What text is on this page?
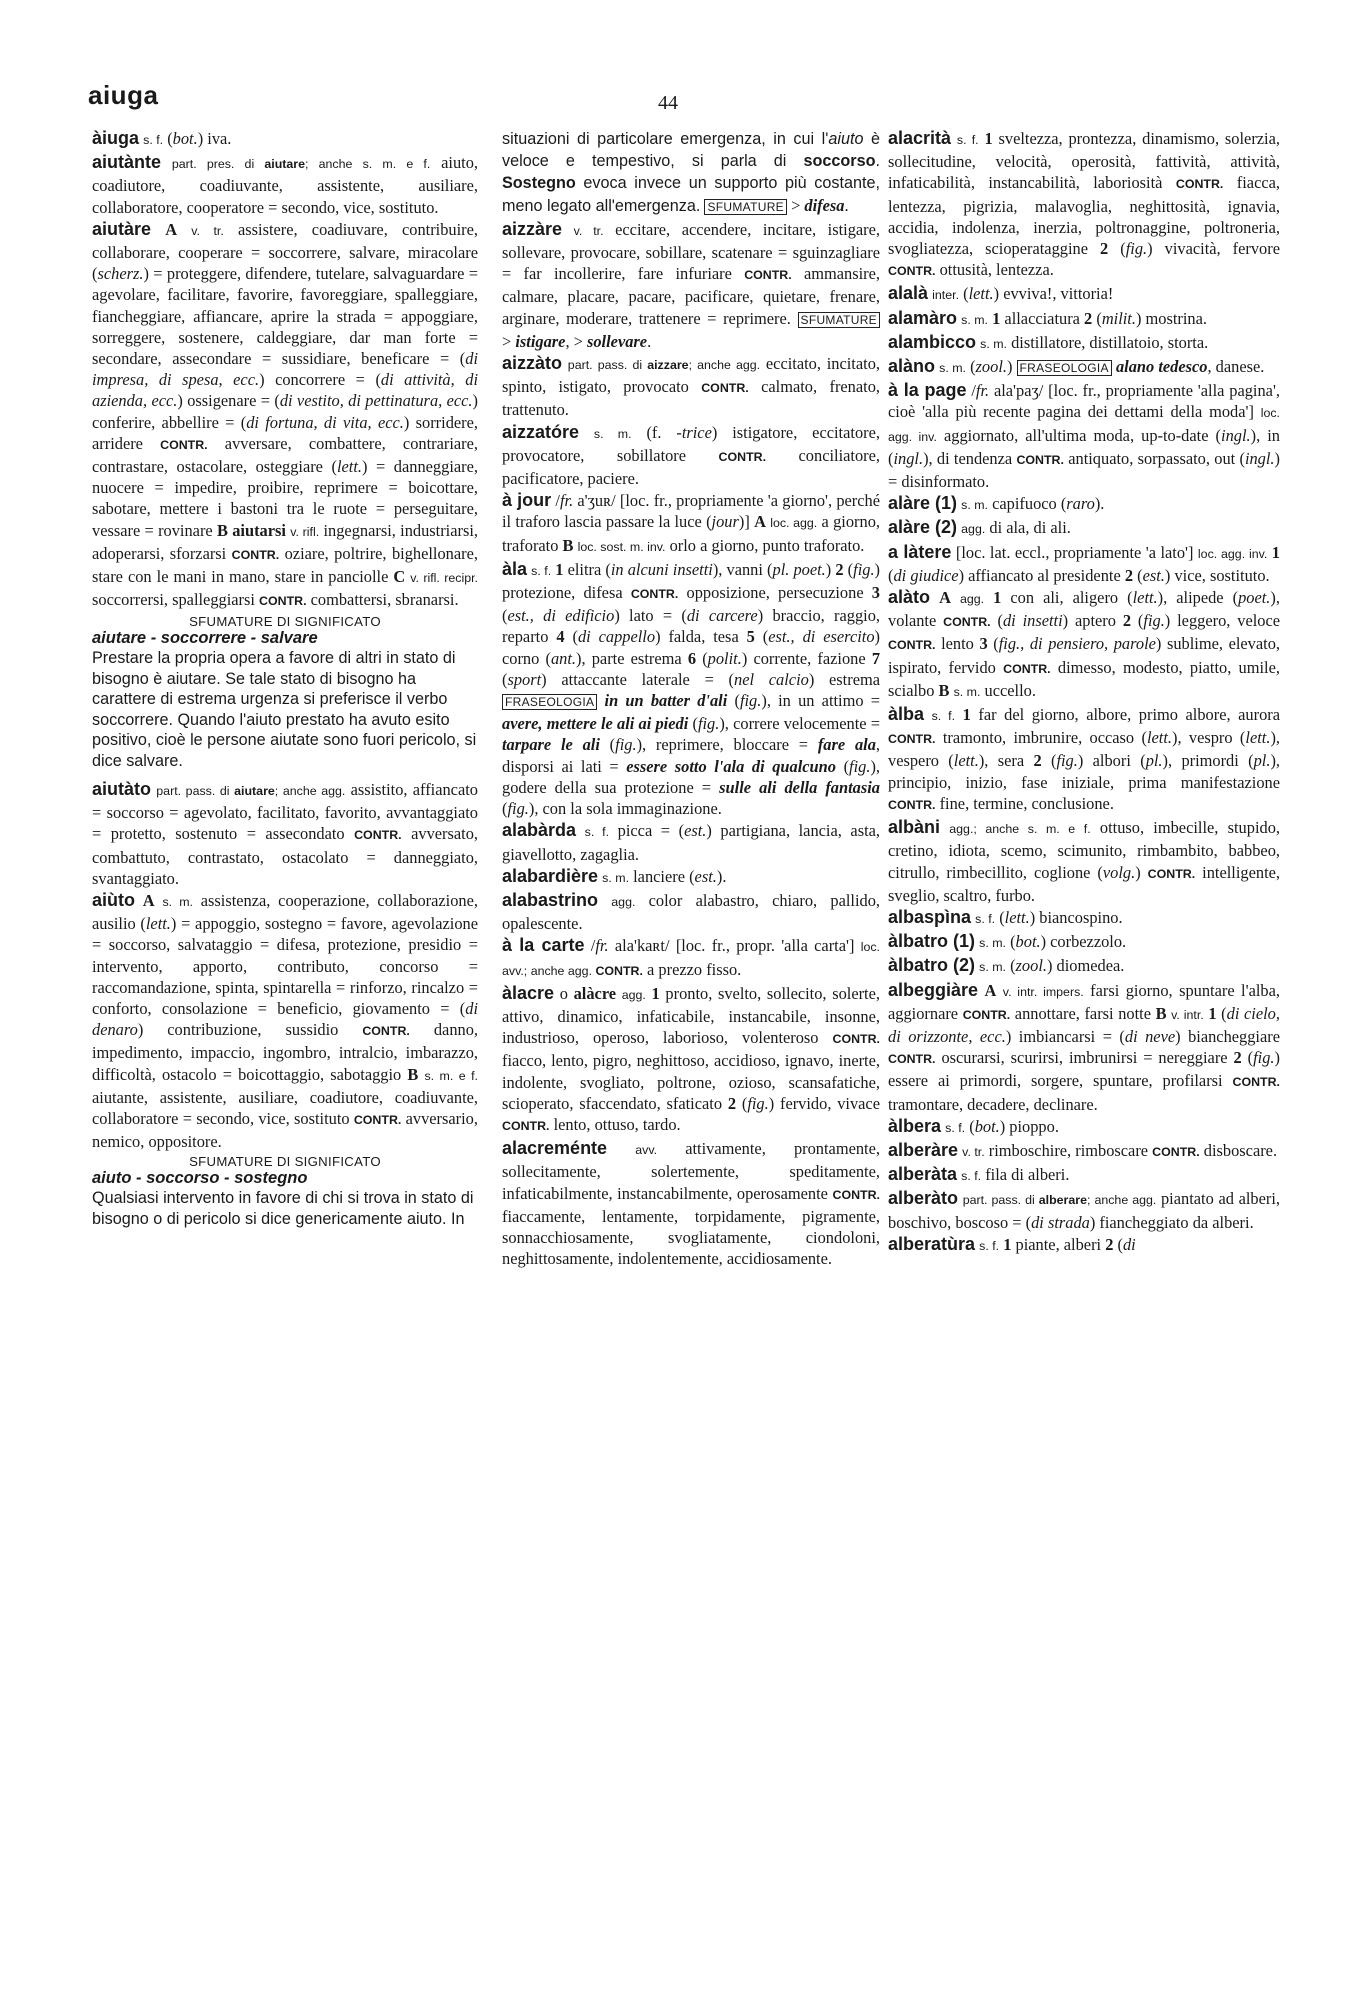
aiuga	44

àiuga s. f. (bot.) iva.

aiutànte part. pres. di aiutare; anche s. m. e f. aiuto, coadiutore, coadiuvante, assistente, ausiliare, collaboratore, cooperatore = secondo, vice, sostituto.

aiutàre A v. tr. assistere, coadiuvare, contribuire, collaborare, cooperare = soccorrere, salvare, miracolare (scherz.) = proteggere, difendere, tutelare, salvaguardare = agevolare, facilitare, favorire, favoreggiare, spalleggiare, fiancheggiare, affiancare, aprire la strada = appoggiare, sorreggere, sostenere, caldeggiare, dar man forte = secondare, assecondare = sussidiare, beneficare = (di impresa, di spesa, ecc.) concorrere = (di attività, di azienda, ecc.) ossigenare = (di vestito, di pettinatura, ecc.) conferire, abbellire = (di fortuna, di vita, ecc.) sorridere, arridere CONTR. avversare, combattere, contrariare, contrastare, ostacolare, osteggiare (lett.) = danneggiare, nuocere = impedire, proibire, reprimere = boicottare, sabotare, mettere i bastoni tra le ruote = perseguitare, vessare = rovinare B aiutarsi v. rifl. ingegnarsi, industriarsi, adoperarsi, sforzarsi CONTR. oziare, poltrire, bighellonare, stare con le mani in mano, stare in panciolle C v. rifl. recipr. soccorrersi, spalleggiarsi CONTR. combattersi, sbranarsi.

SFUMATURE DI SIGNIFICATO
aiutare - soccorrere - salvare

Prestare la propria opera a favore di altri in stato di bisogno è aiutare. Se tale stato di bisogno ha carattere di estrema urgenza si preferisce il verbo soccorrere. Quando l'aiuto prestato ha avuto esito positivo, cioè le persone aiutate sono fuori pericolo, si dice salvare.

aiutàto part. pass. di aiutare; anche agg. assistito, affiancato = soccorso = agevolato, facilitato, favorito, avvantaggiato = protetto, sostenuto = assecondato CONTR. avversato, combattuto, contrastato, ostacolato = danneggiato, svantaggiato.

aiùto A s. m. assistenza, cooperazione, collaborazione, ausilio (lett.) = appoggio, sostegno = favore, agevolazione = soccorso, salvataggio = difesa, protezione, presidio = intervento, apporto, contributo, concorso = raccomandazione, spinta, spintarella = rinforzo, rincalzo = conforto, consolazione = beneficio, giovamento = (di denaro) contribuzione, sussidio CONTR. danno, impedimento, impaccio, ingombro, intralcio, imbarazzo, difficoltà, ostacolo = boicottaggio, sabotaggio B s. m. e f. aiutante, assistente, ausiliare, coadiutore, coadiuvante, collaboratore = secondo, vice, sostituto CONTR. avversario, nemico, oppositore.

SFUMATURE DI SIGNIFICATO
aiuto - soccorso - sostegno

Qualsiasi intervento in favore di chi si trova in stato di bisogno o di pericolo si dice genericamente aiuto. In

situazioni di particolare emergenza, in cui l'aiuto è veloce e tempestivo, si parla di soccorso. Sostegno evoca invece un supporto più costante, meno legato all'emergenza. SFUMATURE > difesa.

aizzàre v. tr. eccitare, accendere, incitare, istigare, sollevare, provocare, sobillare, scatenare = sguinzagliare = far incollerire, fare infuriare CONTR. ammansire, calmare, placare, pacare, pacificare, quietare, frenare, arginare, moderare, trattenere = reprimere. SFUMATURE > istigare, > sollevare.

aizzàto part. pass. di aizzare; anche agg. eccitato, incitato, spinto, istigato, provocato CONTR. calmato, frenato, trattenuto.

aizzatóre s. m. (f. -trice) istigatore, eccitatore, provocatore, sobillatore CONTR. conciliatore, pacificatore, paciere.

à jour /fr. a'ʒuʀ/ [loc. fr., propriamente 'a giorno', perché il traforo lascia passare la luce (jour)] A loc. agg. a giorno, traforato B loc. sost. m. inv. orlo a giorno, punto traforato.

àla s. f. 1 elitra (in alcuni insetti), vanni (pl. poet.) 2 (fig.) protezione, difesa CONTR. opposizione, persecuzione 3 (est., di edificio) lato = (di carcere) braccio, raggio, reparto 4 (di cappello) falda, tesa 5 (est., di esercito) corno (ant.), parte estrema 6 (polit.) corrente, fazione 7 (sport) attaccante laterale = (nel calcio) estrema FRASEOLOGIA in un batter d'ali (fig.), in un attimo = avere, mettere le ali ai piedi (fig.), correre velocemente = tarpare le ali (fig.), reprimere, bloccare = fare ala, disporsi ai lati = essere sotto l'ala di qualcuno (fig.), godere della sua protezione = sulle ali della fantasia (fig.), con la sola immaginazione.

alabàrda s. f. picca = (est.) partigiana, lancia, asta, giavellotto, zagaglia.

alabardière s. m. lanciere (est.).

alabastrino agg. color alabastro, chiaro, pallido, opalescente.

à la carte /fr. ala'kaʀt/ [loc. fr., propr. 'alla carta'] loc. avv.; anche agg. CONTR. a prezzo fisso.

àlacre o alàcre agg. 1 pronto, svelto, sollecito, solerte, attivo, dinamico, infaticabile, instancabile, insonne, industrioso, operoso, laborioso, volenteroso CONTR. fiacco, lento, pigro, neghittoso, accidioso, ignavo, inerte, indolente, svogliato, poltrone, ozioso, scansafatiche, scioperato, sfaccendato, sfaticato 2 (fig.) fervido, vivace CONTR. lento, ottuso, tardo.

alacreménte avv. attivamente, prontamente, sollecitamente, solertemente, speditamente, infaticabilmente, instancabilmente, operosamente CONTR. fiaccamente, lentamente, torpidamente, pigramente, sonnacchiosamente, svogliatamente, ciondoloni, neghittosamente, indolentemente, accidiosamente.

alacrità s. f. 1 sveltezza, prontezza, dinamismo, solerzia, sollecitudine, velocità, operosità, fattività, attività, infaticabilità, instancabilità, laboriosità CONTR. fiacca, lentezza, pigrizia, malavoglia, neghittosità, ignavia, accidia, indolenza, inerzia, poltronaggine, poltroneria, svogliatezza, scioperataggine 2 (fig.) vivacità, fervore CONTR. ottusità, lentezza.

alalà inter. (lett.) evviva!, vittoria!

alamàro s. m. 1 allacciatura 2 (milit.) mostrina.

alambicco s. m. distillatore, distillatoio, storta.

alàno s. m. (zool.) FRASEOLOGIA alano tedesco, danese.

à la page /fr. ala'paʒ/ [loc. fr., propriamente 'alla pagina', cioè 'alla più recente pagina dei dettami della moda'] loc. agg. inv. aggiornato, all'ultima moda, up-to-date (ingl.), in (ingl.), di tendenza CONTR. antiquato, sorpassato, out (ingl.) = disinformato.

alàre (1) s. m. capifuoco (raro).

alàre (2) agg. di ala, di ali.

a làtere [loc. lat. eccl., propriamente 'a lato'] loc. agg. inv. 1 (di giudice) affiancato al presidente 2 (est.) vice, sostituto.

alàto A agg. 1 con ali, aligero (lett.), alipede (poet.), volante CONTR. (di insetti) aptero 2 (fig.) leggero, veloce CONTR. lento 3 (fig., di pensiero, parole) sublime, elevato, ispirato, fervido CONTR. dimesso, modesto, piatto, umile, scialbo B s. m. uccello.

àlba s. f. 1 far del giorno, albore, primo albore, aurora CONTR. tramonto, imbrunire, occaso (lett.), vespro (lett.), vespero (lett.), sera 2 (fig.) albori (pl.), primordi (pl.), principio, inizio, fase iniziale, prima manifestazione CONTR. fine, termine, conclusione.

albàni agg.; anche s. m. e f. ottuso, imbecille, stupido, cretino, idiota, scemo, scimunito, rimbambito, babbeo, citrullo, rimbecillito, coglione (volg.) CONTR. intelligente, sveglio, scaltro, furbo.

albaspìna s. f. (lett.) biancospino.

àlbatro (1) s. m. (bot.) corbezzolo.

àlbatro (2) s. m. (zool.) diomedea.

albeggiàre A v. intr. impers. farsi giorno, spuntare l'alba, aggiornare CONTR. annottare, farsi notte B v. intr. 1 (di cielo, di orizzonte, ecc.) imbiancarsi = (di neve) biancheggiare CONTR. oscurarsi, scurirsi, imbrunirsi = nereggiare 2 (fig.) essere ai primordi, sorgere, spuntare, profilarsi CONTR. tramontare, decadere, declinare.

àlbera s. f. (bot.) pioppo.

alberàre v. tr. rimboschire, rimboscare CONTR. disboscare.

alberàta s. f. fila di alberi.

alberàto part. pass. di alberare; anche agg. piantato ad alberi, boschivo, boscoso = (di strada) fiancheggiato da alberi.

alberatùra s. f. 1 piante, alberi 2 (di
